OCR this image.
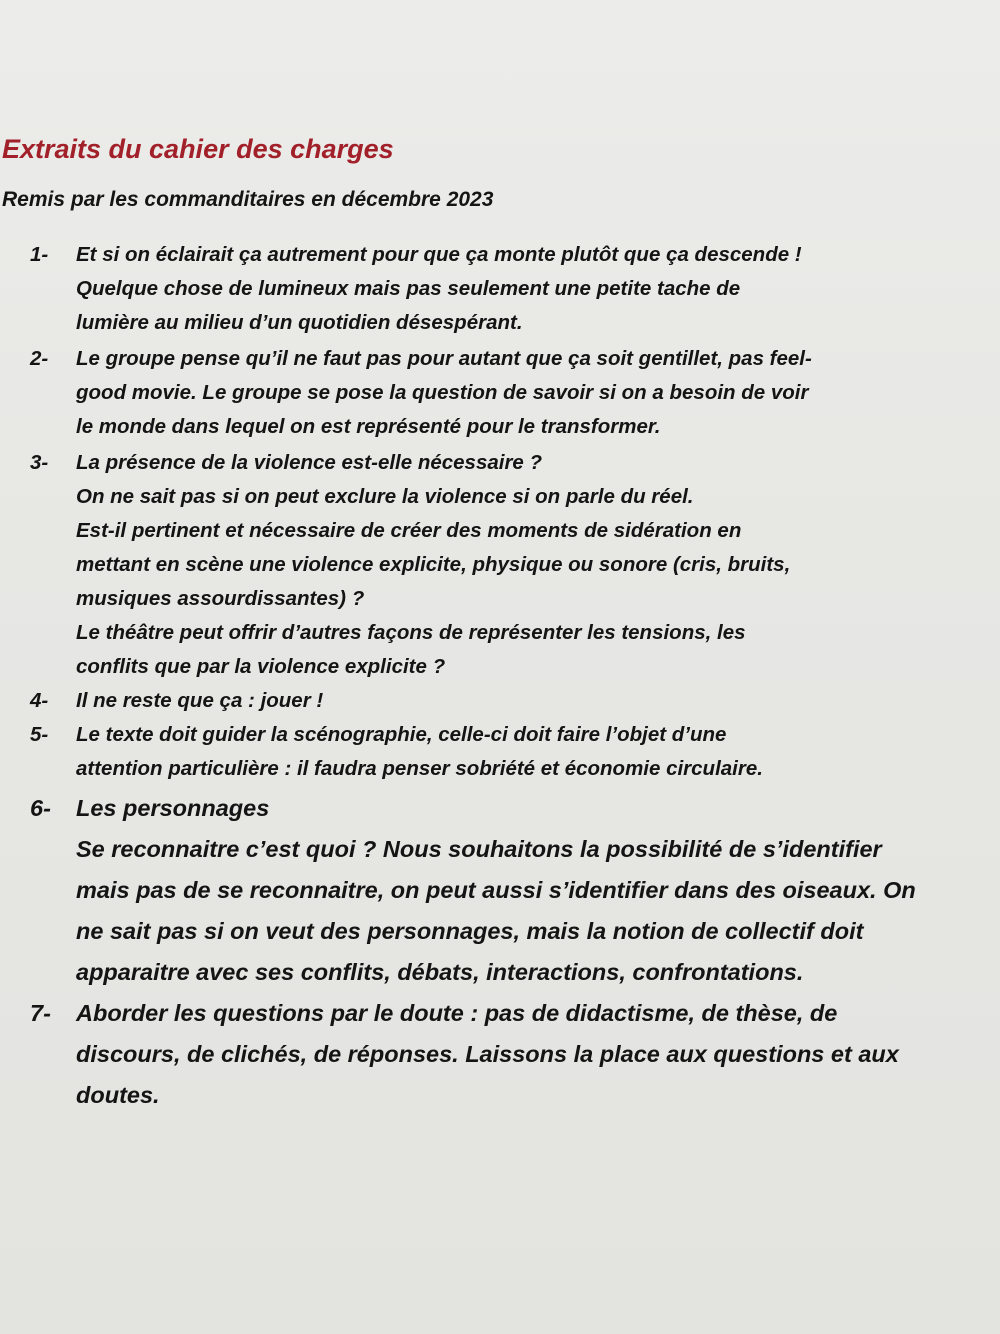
Extraits du cahier des charges
Remis par les commanditaires en décembre 2023
1- Et si on éclairait ça autrement pour que ça monte plutôt que ça descende !
Quelque chose de lumineux mais pas seulement une petite tache de
lumière au milieu d’un quotidien désespérant.
2- Le groupe pense qu’il ne faut pas pour autant que ça soit gentillet, pas feel-
good movie. Le groupe se pose la question de savoir si on a besoin de voir
le monde dans lequel on est représenté pour le transformer.
3- La présence de la violence est-elle nécessaire ?
On ne sait pas si on peut exclure la violence si on parle du réel.
Est-il pertinent et nécessaire de créer des moments de sidération en
mettant en scène une violence explicite, physique ou sonore (cris, bruits,
musiques assourdissantes) ?
Le théâtre peut offrir d’autres façons de représenter les tensions, les
conflits que par la violence explicite ?
4- Il ne reste que ça : jouer !
5- Le texte doit guider la scénographie, celle-ci doit faire l’objet d’une
attention particulière : il faudra penser sobriété et économie circulaire.
6- Les personnages
Se reconnaitre c’est quoi ? Nous souhaitons la possibilité de s’identifier
mais pas de se reconnaitre, on peut aussi s’identifier dans des oiseaux. On
ne sait pas si on veut des personnages, mais la notion de collectif doit
apparaitre avec ses conflits, débats, interactions, confrontations.
7- Aborder les questions par le doute : pas de didactisme, de thèse, de
discours, de clichés, de réponses. Laissons la place aux questions et aux
doutes.
